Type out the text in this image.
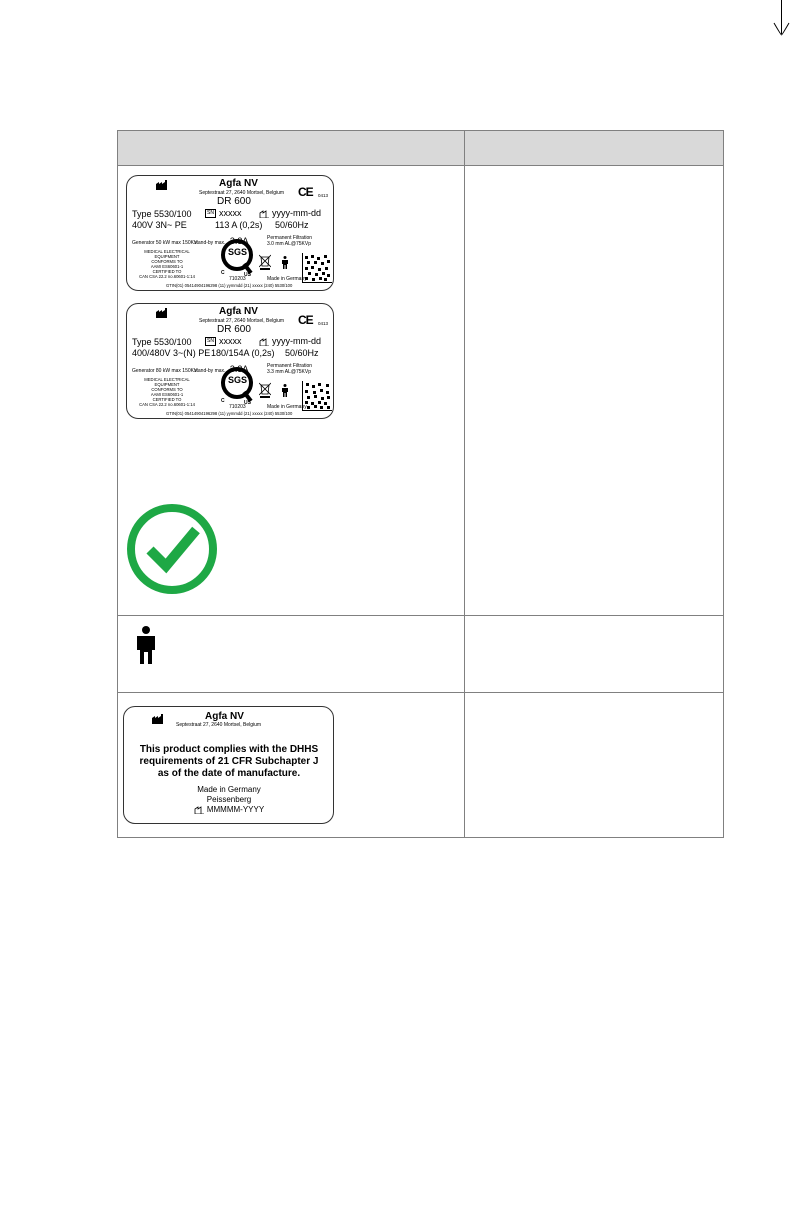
Agfa NV
Septestraat 27, 2640 Mortsel, Belgium
DR 600
CE 0413
Type 5530/100	SN xxxxx	yyyy-mm-dd
400V 3N~ PE	113 A (0,2s) 50/60Hz
stand-by max. 3.3A	Permanent Filtration
Generator 50 kW max 150KV	3.0 mm AL@75KVp
MEDICAL ELECTRICAL
EQUIPMENT
CONFORMS TO
AAMI ES60601-1
CERTIFIED TO
CAN CSA 22.2 no.60601-1:14
SGS
C	US
710203	Made in Germany
GTIN(01) 05414904196298 (11) yymmdd (21) xxxxx (240) 5530/100
Agfa NV
Septestraat 27, 2640 Mortsel, Belgium
DR 600
CE 0413
Type 5530/100	SN xxxxx	yyyy-mm-dd
400/480V 3~(N) PE 180/154A (0,2s) 50/60Hz
stand-by max. 3.3A	Permanent Filtration
Generator 80 kW max 150KV	3.3 mm AL@75KVp
MEDICAL ELECTRICAL
EQUIPMENT
CONFORMS TO
AAMI ES60601-1
CERTIFIED TO
CAN CSA 22.2 no.60601-1:14
SGS
C	US
710203	Made in Germany
GTIN(01) 05414904196298 (11) yymmdd (21) xxxxx (240) 5530/100
Agfa NV
Septestraat 27, 2640 Mortsel, Belgium
This product complies with the DHHS
requirements of 21 CFR Subchapter J
as of the date of manufacture.
Made in Germany
Peissenberg
MMMMM-YYYY
